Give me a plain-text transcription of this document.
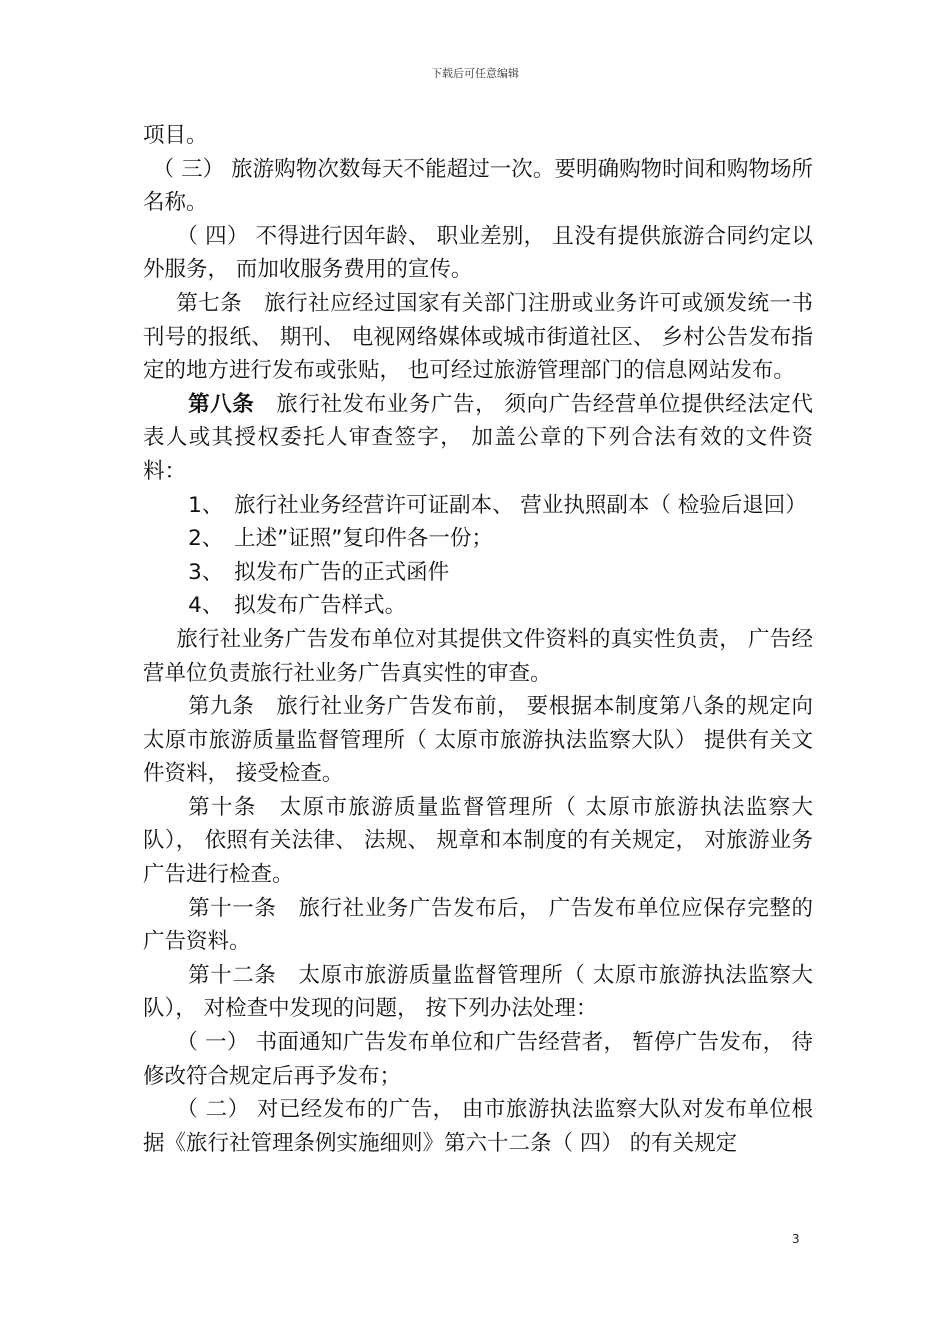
下载后可任意编辑

项目。

（ 三） 旅游购物次数每天不能超过一次。要明确购物时间和购物场所名称。

（ 四） 不得进行因年龄、 职业差别， 且没有提供旅游合同约定以外服务， 而加收服务费用的宣传。

第七条　旅行社应经过国家有关部门注册或业务许可或颁发统一书刊号的报纸、 期刊、 电视网络媒体或城市街道社区、 乡村公告发布指定的地方进行发布或张贴， 也可经过旅游管理部门的信息网站发布。

第八条　旅行社发布业务广告， 须向广告经营单位提供经法定代表人或其授权委托人审查签字， 加盖公章的下列合法有效的文件资料：

1、　旅行社业务经营许可证副本、 营业执照副本（ 检验后退回）

2、　上述”证照”复印件各一份；

3、　拟发布广告的正式函件

4、　拟发布广告样式。

旅行社业务广告发布单位对其提供文件资料的真实性负责， 广告经营单位负责旅行社业务广告真实性的审查。

第九条　旅行社业务广告发布前， 要根据本制度第八条的规定向太原市旅游质量监督管理所（ 太原市旅游执法监察大队） 提供有关文件资料， 接受检查。

第十条　太原市旅游质量监督管理所（ 太原市旅游执法监察大队）， 依照有关法律、 法规、 规章和本制度的有关规定， 对旅游业务广告进行检查。

第十一条　旅行社业务广告发布后， 广告发布单位应保存完整的广告资料。

第十二条　太原市旅游质量监督管理所（ 太原市旅游执法监察大队）， 对检查中发现的问题， 按下列办法处理：

（ 一） 书面通知广告发布单位和广告经营者， 暂停广告发布， 待修改符合规定后再予发布；

（ 二） 对已经发布的广告， 由市旅游执法监察大队对发布单位根据《旅行社管理条例实施细则》第六十二条（ 四） 的有关规定

3
